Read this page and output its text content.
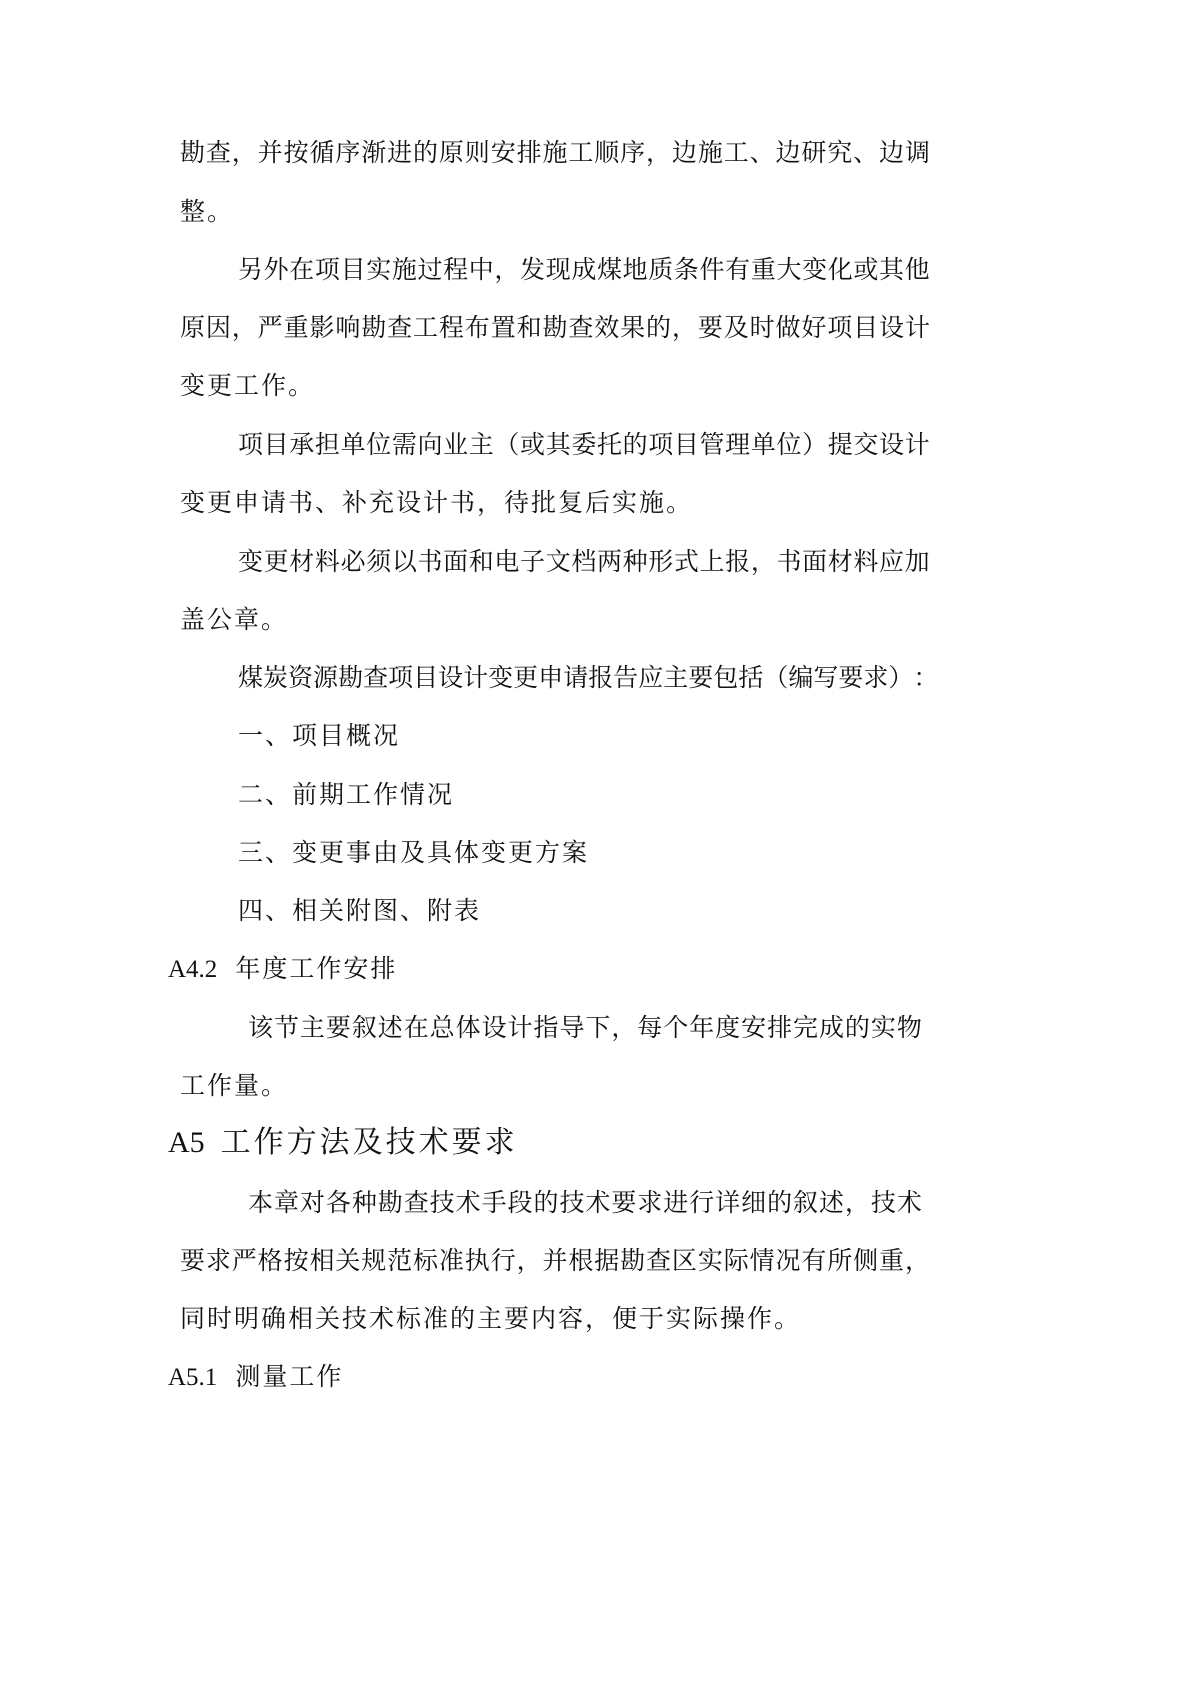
勘 查 ， 并 按 循 序 渐 进 的 原 则 安 排 施 工 顺 序 ， 边 施 工 、 边 研 究 、 边 调
整。
另 外 在 项 目 实 施 过 程 中 ， 发 现 成 煤 地 质 条 件 有 重 大 变 化 或 其 他
原 因 ， 严 重 影 响 勘 查 工 程 布 置 和 勘 查 效 果 的 ， 要 及 时 做 好 项 目 设 计
变更工作。
项 目 承 担 单 位 需 向 业 主 （ 或 其 委 托 的 项 目 管 理 单 位 ） 提 交 设 计
变更申请书、补充设计书，待批复后实施。
变 更 材 料 必 须 以 书 面 和 电 子 文 档 两 种 形 式 上 报 ， 书 面 材 料 应 加
盖公章。
煤 炭 资 源 勘 查 项 目 设 计 变 更 申 请 报 告 应 主 要 包 括 （ 编 写 要 求 ） ：
一、项目概况
二、前期工作情况
三、变更事由及具体变更方案
四、相关附图、附表
A4.2 年度工作安排
该 节 主 要 叙 述 在 总 体 设 计 指 导 下 ， 每 个 年 度 安 排 完 成 的 实 物
工作量。
A5 工作方法及技术要求
本 章 对 各 种 勘 查 技 术 手 段 的 技 术 要 求 进 行 详 细 的 叙 述 ， 技 术
要 求 严 格 按 相 关 规 范 标 准 执 行 ， 并 根 据 勘 查 区 实 际 情 况 有 所 侧 重 ，
同时明确相关技术标准的主要内容，便于实际操作。
A5.1 测量工作
